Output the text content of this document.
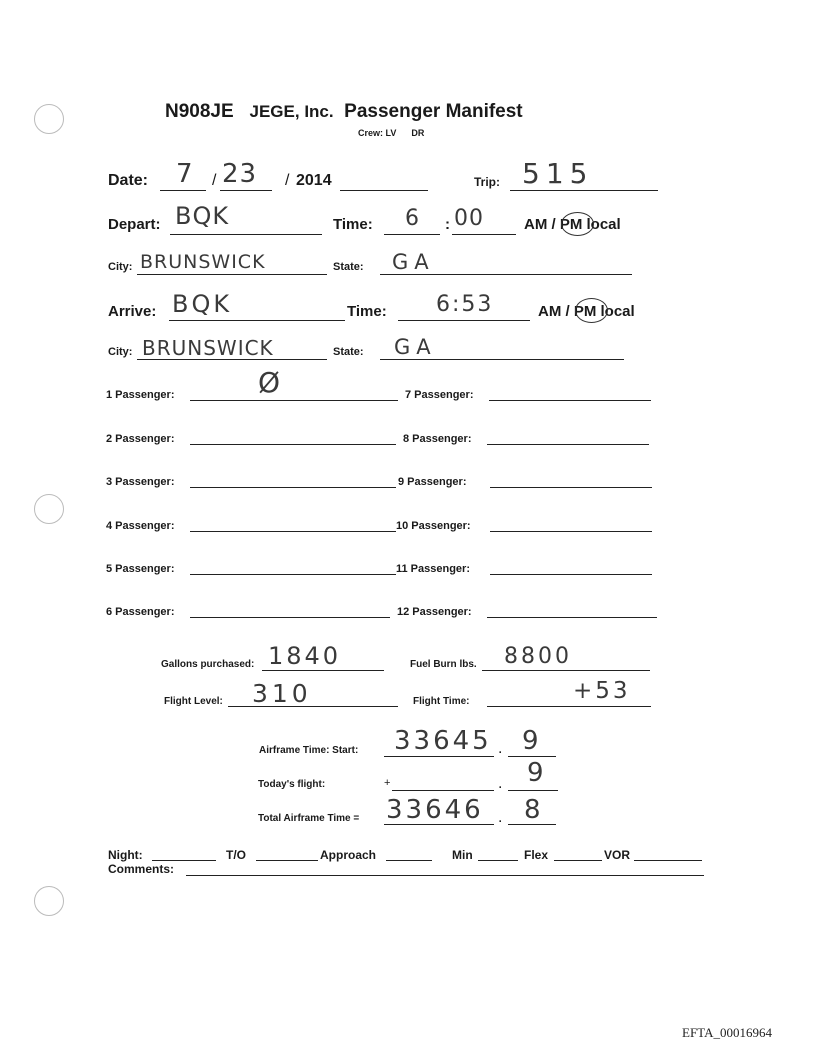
N908JE JEGE, Inc. Passenger Manifest
Crew: LV DR
Date: 7 / 23 / 2014	Trip: 515
Depart: BQK	Time: 6 : 00	AM / PM local
City: BRUNSWICK	State: GA
Arrive: BQK	Time: 6:53	AM / PM local
City: BRUNSWICK	State: GA
1 Passenger:	Ø	7 Passenger:
2 Passenger:	8 Passenger:
3 Passenger:	9 Passenger:
4 Passenger:	10 Passenger:
5 Passenger:	11 Passenger:
6 Passenger:	12 Passenger:
Gallons purchased: 1840	Fuel Burn lbs. 8800
Flight Level: 310	Flight Time:	+53
Airframe Time: Start: 33645 . 9
Today's flight:	+	. 9
Total Airframe Time = 33646 . 8
Night:	T/O	Approach	Min	Flex	VOR
Comments:
EFTA_00016964
